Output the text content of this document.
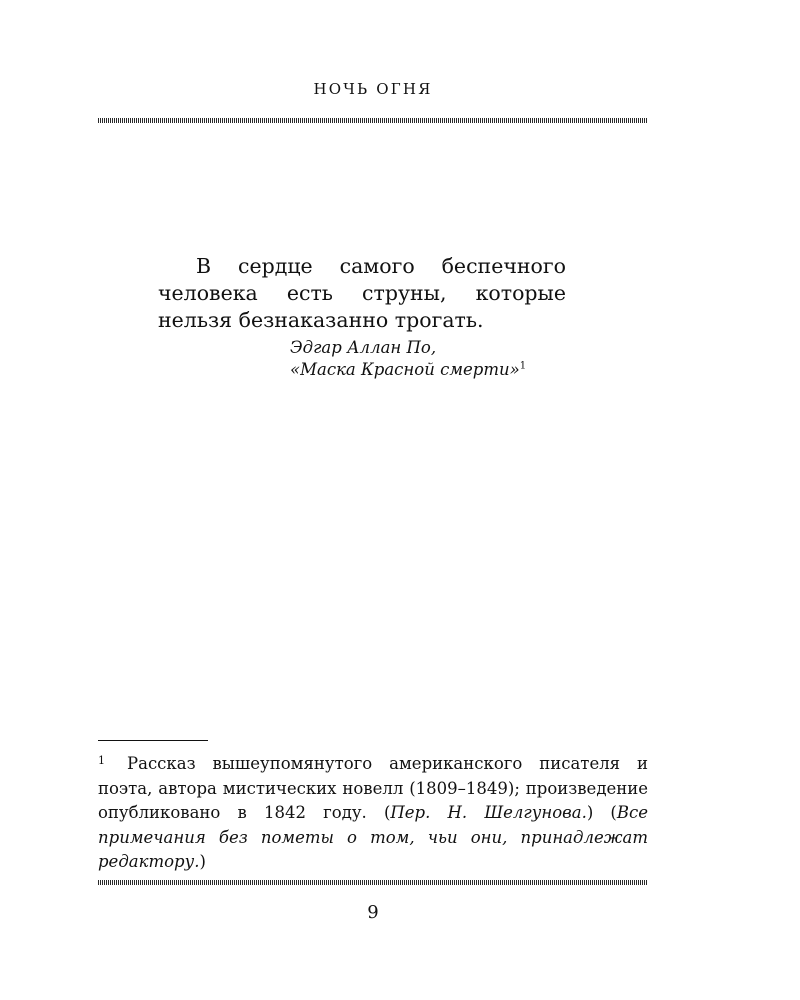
НОЧЬ ОГНЯ

В сердце самого беспечного человека есть струны, которые нельзя безнаказанно трогать.

Эдгар Аллан По,
«Маска Красной смерти»$^1$
1 Рассказ вышеупомянутого американского писателя и поэта, автора мистических новелл (1809–1849); произведение опубликовано в 1842 году. (Пер. Н. Шелгунова.) (Все примечания без пометы о том, чьи они, принадлежат редактору.)
9
